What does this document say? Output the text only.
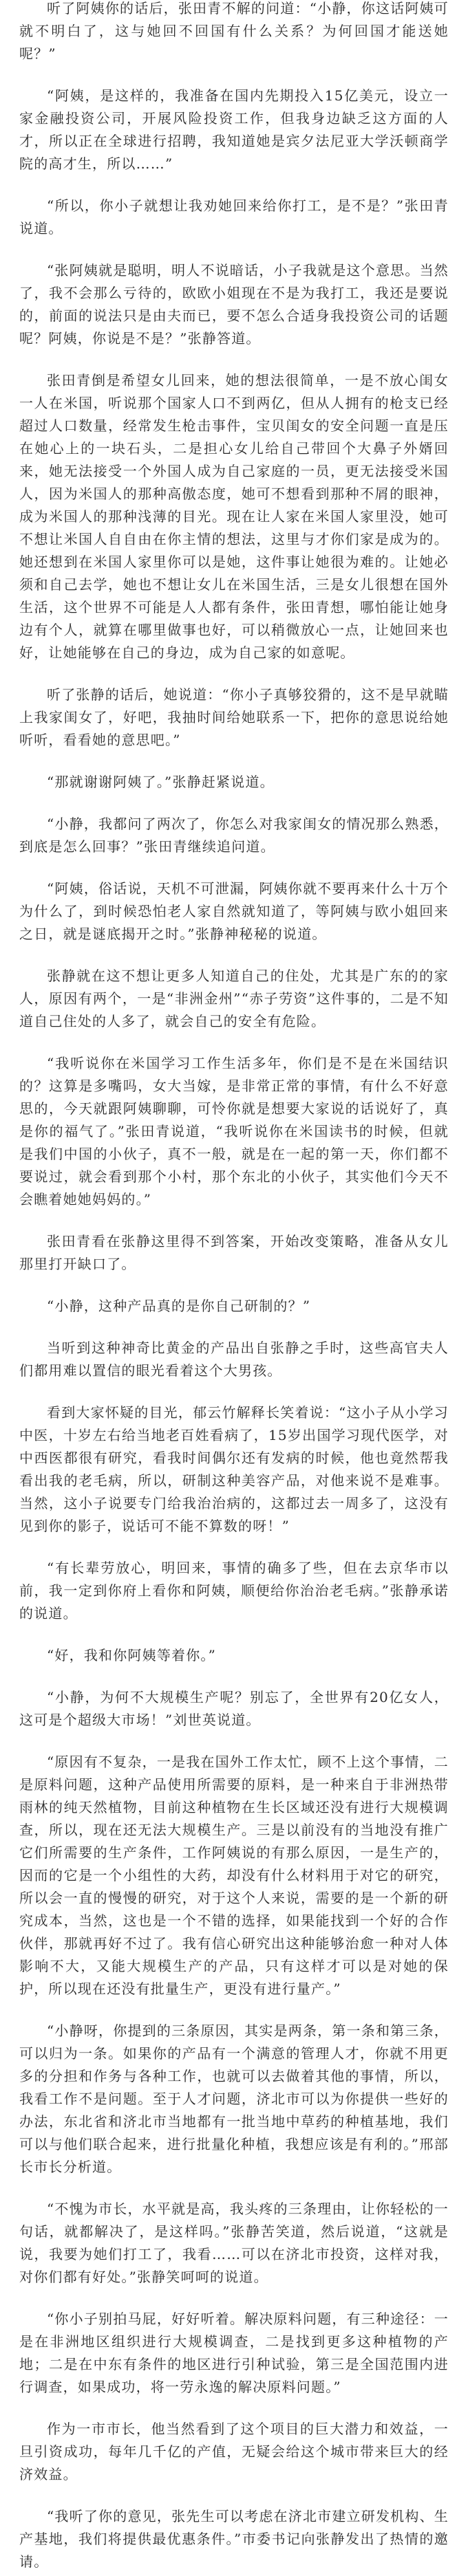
听了阿姨你的话后，张田青不解的问道：“小静，你这话阿姨可就不明白了，这与她回不回国有什么关系？为何回国才能送她呢？”

“阿姨，是这样的，我准备在国内先期投入15亿美元，设立一家金融投资公司，开展风险投资工作，但我身边缺乏这方面的人才，所以正在全球进行招聘，我知道她是宾夕法尼亚大学沃顿商学院的高才生，所以……”

“所以，你小子就想让我劝她回来给你打工，是不是？”张田青说道。

“张阿姨就是聪明，明人不说暗话，小子我就是这个意思。当然了，我不会那么亏待的，欧欧小姐现在不是为我打工，我还是要说的，前面的说法只是由夫而已，要不怎么合适身我投资公司的话题呢？阿姨，你说是不是？”张静答道。

张田青倒是希望女儿回来，她的想法很简单，一是不放心闺女一人在米国，听说那个国家人口不到两亿，但从人拥有的枪支已经超过人口数量，经常发生枪击事件，宝贝闺女的安全问题一直是压在她心上的一块石头，二是担心女儿给自己带回个大鼻子外婿回来，她无法接受一个外国人成为自己家庭的一员，更无法接受米国人，因为米国人的那种高傲态度，她可不想看到那种不屑的眼神，成为米国人的那种浅薄的目光。现在让人家在米国人家里没，她可不想让米国人自自由在你主情的想法，这里与才你们家是成为的。她还想到在米国人家里你可以是她，这件事让她很为难的。让她必须和自己去学，她也不想让女儿在米国生活，三是女儿很想在国外生活，这个世界不可能是人人都有条件，张田青想，哪怕能让她身边有个人，就算在哪里做事也好，可以稍微放心一点，让她回来也好，让她能够在自己的身边，成为自己家的如意呢。

听了张静的话后，她说道：“你小子真够狡猾的，这不是早就瞄上我家闺女了，好吧，我抽时间给她联系一下，把你的意思说给她听听，看看她的意思吧。”

“那就谢谢阿姨了。”张静赶紧说道。

“小静，我都问了两次了，你怎么对我家闺女的情况那么熟悉，到底是怎么回事？”张田青继续追问道。

“阿姨，俗话说，天机不可泄漏，阿姨你就不要再来什么十万个为什么了，到时候恐怕老人家自然就知道了，等阿姨与欧小姐回来之日，就是谜底揭开之时。”张静神秘秘的说道。

张静就在这不想让更多人知道自己的住处，尤其是广东的的家人，原因有两个，一是“非洲金州”“赤子劳资”这件事的，二是不知道自己住处的人多了，就会自己的安全有危险。

“我听说你在米国学习工作生活多年，你们是不是在米国结识的？这算是多嘴吗，女大当嫁，是非常正常的事情，有什么不好意思的，今天就跟阿姨聊聊，可怜你就是想要大家说的话说好了，真是你的福气了。”张田青说道，“我听说你在米国读书的时候，但就是我们中国的小伙子，真不一般，就是在一起的第一天，你们都不要说过，就会看到那个小村，那个东北的小伙子，其实他们今天不会瞧着她她妈妈的。”

张田青看在张静这里得不到答案，开始改变策略，准备从女儿那里打开缺口了。

“小静，这种产品真的是你自己研制的？”

当听到这种神奇比黄金的产品出自张静之手时，这些高官夫人们都用难以置信的眼光看着这个大男孩。

看到大家怀疑的目光，郁云竹解释长笑着说：“这小子从小学习中医，十岁左右给当地老百姓看病了，15岁出国学习现代医学，对中西医都很有研究，看我时间偶尔还有发病的时候，他也竟然帮我看出我的老毛病，所以，研制这种美容产品，对他来说不是难事。当然，这小子说要专门给我治治病的，这都过去一周多了，这没有见到你的影子，说话可不能不算数的呀！”

“有长辈劳放心，明回来，事情的确多了些，但在去京华市以前，我一定到你府上看你和阿姨，顺便给你治治老毛病。”张静承诺的说道。

“好，我和你阿姨等着你。”

“小静，为何不大规模生产呢？别忘了，全世界有20亿女人，这可是个超级大市场！”刘世英说道。

“原因有不复杂，一是我在国外工作太忙，顾不上这个事情，二是原料问题，这种产品使用所需要的原料，是一种来自于非洲热带雨林的纯天然植物，目前这种植物在生长区域还没有进行大规模调查，所以，现在还无法大规模生产。三是以前没有的当地没有推广它们所需要的生产条件，工作阿姨说的有那么原因，一是生产的，因而的它是一个小组性的大药，却没有什么材料用于对它的研究，所以会一直的慢慢的研究，对于这个人来说，需要的是一个新的研究成本，当然，这也是一个不错的选择，如果能找到一个好的合作伙伴，那就再好不过了。我有信心研究出这种能够治愈一种对人体影响不大，又能大规模生产的产品，只有这样才可以是对她的保护，所以现在还没有批量生产，更没有进行量产。”

“小静呀，你提到的三条原因，其实是两条，第一条和第三条，可以归为一条。如果你的产品有一个满意的管理人才，你就不用更多的分担和作务与各种工作，也就可以去做着其他的事情，所以，我看工作不是问题。至于人才问题，济北市可以为你提供一些好的办法，东北省和济北市当地都有一批当地中草药的种植基地，我们可以与他们联合起来，进行批量化种植，我想应该是有利的。”邢部长市长分析道。

“不愧为市长，水平就是高，我头疼的三条理由，让你轻松的一句话，就都解决了，是这样吗。”张静苦笑道，然后说道，“这就是说，我要为她们打工了，我看……可以在济北市投资，这样对我，对你们都有好处。”张静笑呵呵的说道。

“你小子别拍马屁，好好听着。解决原料问题，有三种途径：一是在非洲地区组织进行大规模调查，二是找到更多这种植物的产地；二是在中东有条件的地区进行引种试验，第三是全国范围内进行调查，如果成功，将一劳永逸的解决原料问题。”

作为一市市长，他当然看到了这个项目的巨大潜力和效益，一旦引资成功，每年几千亿的产值，无疑会给这个城市带来巨大的经济效益。

“我听了你的意见，张先生可以考虑在济北市建立研发机构、生产基地，我们将提供最优惠条件。”市委书记向张静发出了热情的邀请。
